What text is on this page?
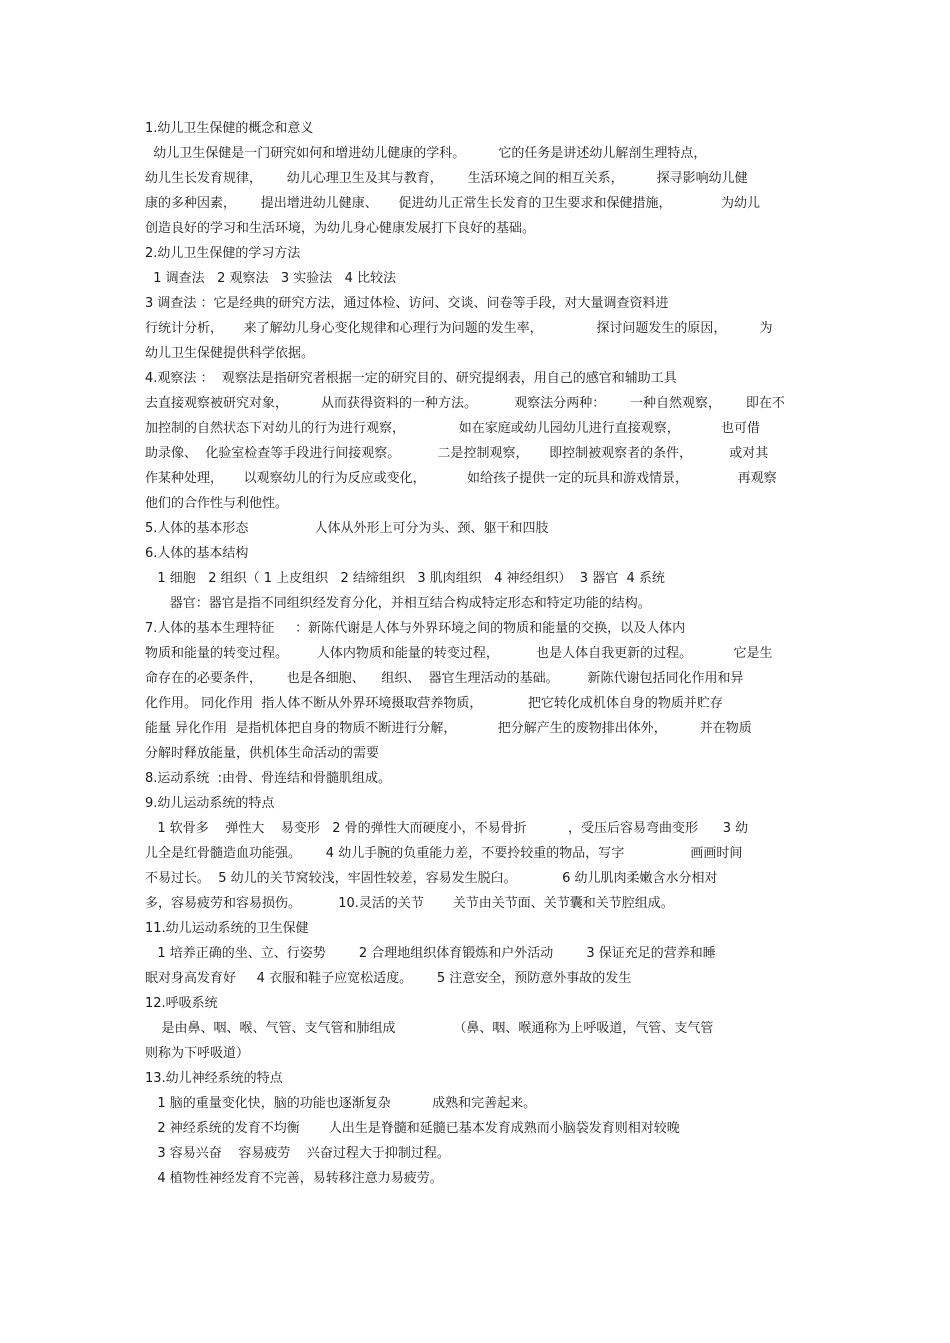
1.幼儿卫生保健的概念和意义
幼儿卫生保健是一门研究如何和增进幼儿健康的学科。        它的任务是讲述幼儿解剖生理特点，
幼儿生长发育规律，      幼儿心理卫生及其与教育，      生活环境之间的相互关系，        探寻影响幼儿健
康的多种因素，      提出增进幼儿健康、     促进幼儿正常生长发育的卫生要求和保健措施，            为幼儿
创造良好的学习和生活环境，为幼儿身心健康发展打下良好的基础。
2.幼儿卫生保健的学习方法
1 调查法   2 观察法   3 实验法   4 比较法
3 调查法 ：它是经典的研究方法，通过体检、访问、交谈、问卷等手段，对大量调查资料进
行统计分析，     来了解幼儿身心变化规律和心理行为问题的发生率，             探讨问题发生的原因，        为
幼儿卫生保健提供科学依据。
4.观察法 ：  观察法是指研究者根据一定的研究目的、研究提纲表，用自己的感官和辅助工具
去直接观察被研究对象，        从而获得资料的一种方法。         观察法分两种：      一种自然观察，      即在不
加控制的自然状态下对幼儿的行为进行观察，             如在家庭或幼儿园幼儿进行直接观察，          也可借
助录像、  化验室检查等手段进行间接观察。         二是控制观察，     即控制被观察者的条件，         或对其
作某种处理，     以观察幼儿的行为反应或变化，          如给孩子提供一定的玩具和游戏情景，            再观察
他们的合作性与利他性。
5.人体的基本形态                人体从外形上可分为头、颈、躯干和四肢
6.人体的基本结构
1 细胞   2 组织（ 1 上皮组织   2 结缔组织   3 肌肉组织   4 神经组织）  3 器官  4 系统
器官：器官是指不同组织经发育分化，并相互结合构成特定形态和特定功能的结构。
7.人体的基本生理特征     ：新陈代谢是人体与外界环境之间的物质和能量的交换，以及人体内
物质和能量的转变过程。       人体内物质和能量的转变过程，         也是人体自我更新的过程。          它是生
命存在的必要条件，      也是各细胞、    组织、  器官生理活动的基础。       新陈代谢包括同化作用和异
化作用。 同化作用  指人体不断从外界环境摄取营养物质，           把它转化成机体自身的物质并贮存
能量 异化作用  是指机体把自身的物质不断进行分解，          把分解产生的废物排出体外，        并在物质
分解时释放能量，供机体生命活动的需要
8.运动系统  :由骨、骨连结和骨髓肌组成。
9.幼儿运动系统的特点
1 软骨多    弹性大    易变形   2 骨的弹性大而硬度小，不易骨折          ，受压后容易弯曲变形      3 幼
儿全是红骨髓造血功能强。      4 幼儿手腕的负重能力差，不要拎较重的物品，写字                画画时间
不易过长。  5 幼儿的关节窝较浅，牢固性较差，容易发生脱臼。           6 幼儿肌肉柔嫩含水分相对
多，容易疲劳和容易损伤。         10.灵活的关节       关节由关节面、关节囊和关节腔组成。
11.幼儿运动系统的卫生保健
1 培养正确的坐、立、行姿势        2 合理地组织体育锻炼和户外活动        3 保证充足的营养和睡
眠对身高发育好     4 衣服和鞋子应宽松适度。      5 注意安全，预防意外事故的发生
12.呼吸系统
是由鼻、咽、喉、气管、支气管和肺组成              （鼻、咽、喉通称为上呼吸道，气管、支气管
则称为下呼吸道）
13.幼儿神经系统的特点
1 脑的重量变化快，脑的功能也逐渐复杂          成熟和完善起来。
2 神经系统的发育不均衡       人出生是脊髓和延髓已基本发育成熟而小脑袋发育则相对较晚
3 容易兴奋    容易疲劳    兴奋过程大于抑制过程。
4 植物性神经发育不完善，易转移注意力易疲劳。
